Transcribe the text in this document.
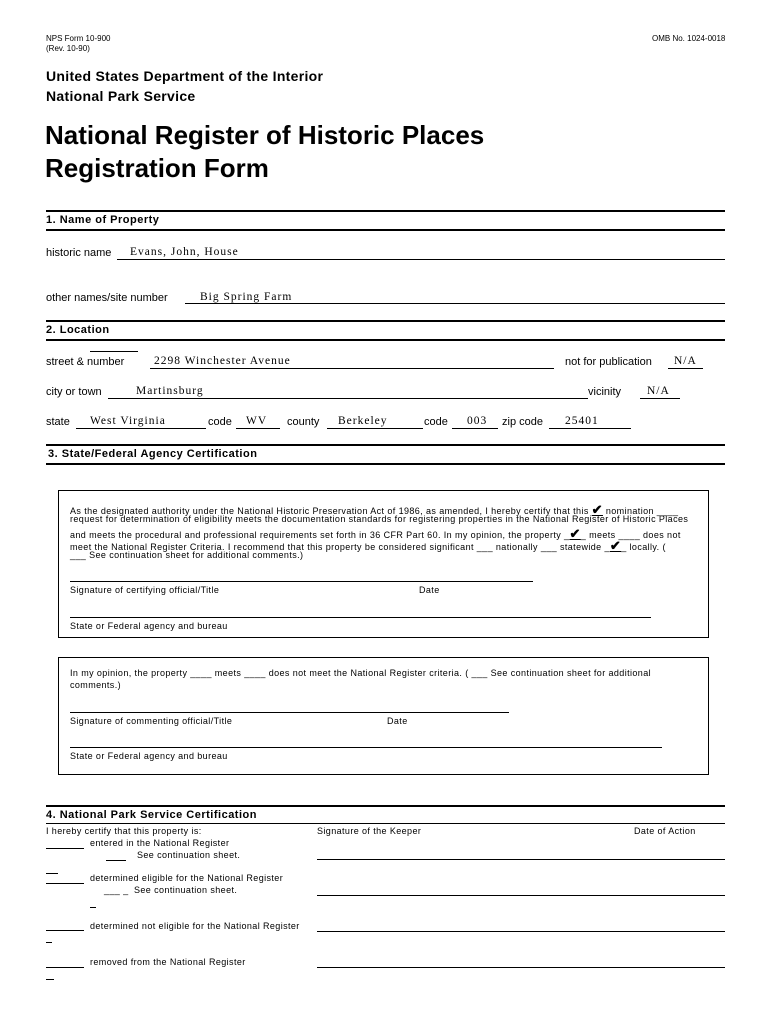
NPS Form 10-900
(Rev. 10-90)
OMB No. 1024-0018
United States Department of the Interior
National Park Service
National Register of Historic Places
Registration Form
1. Name of Property
historic name Evans, John, House
other names/site number	Big Spring Farm
2. Location
street & number	2298 Winchester Avenue	not for publication N/A
city or town	Martinsburg	vicinity N/A
state West Virginia	code WV county Berkeley	code 003 zip code 25401
3. State/Federal Agency Certification
As the designated authority under the National Historic Preservation Act of 1986, as amended, I hereby certify that this ✔ nomination ____
request for determination of eligibility meets the documentation standards for registering properties in the National Register of Historic Places
and meets the procedural and professional requirements set forth in 36 CFR Part 60. In my opinion, the property _✔_ meets ____ does not
meet the National Register Criteria. I recommend that this property be considered significant ___ nationally ___ statewide _✔_ locally. (
___ See continuation sheet for additional comments.)
Signature of certifying official/Title	Date
State or Federal agency and bureau
In my opinion, the property ____ meets ____ does not meet the National Register criteria. ( ___ See continuation sheet for additional
comments.)
Signature of commenting official/Title	Date
State or Federal agency and bureau
4. National Park Service Certification
I hereby certify that this property is:	Signature of the Keeper	Date of Action
entered in the National Register
See continuation sheet.
determined eligible for the National Register
___ _ See continuation sheet.
determined not eligible for the National Register
removed from the National Register
